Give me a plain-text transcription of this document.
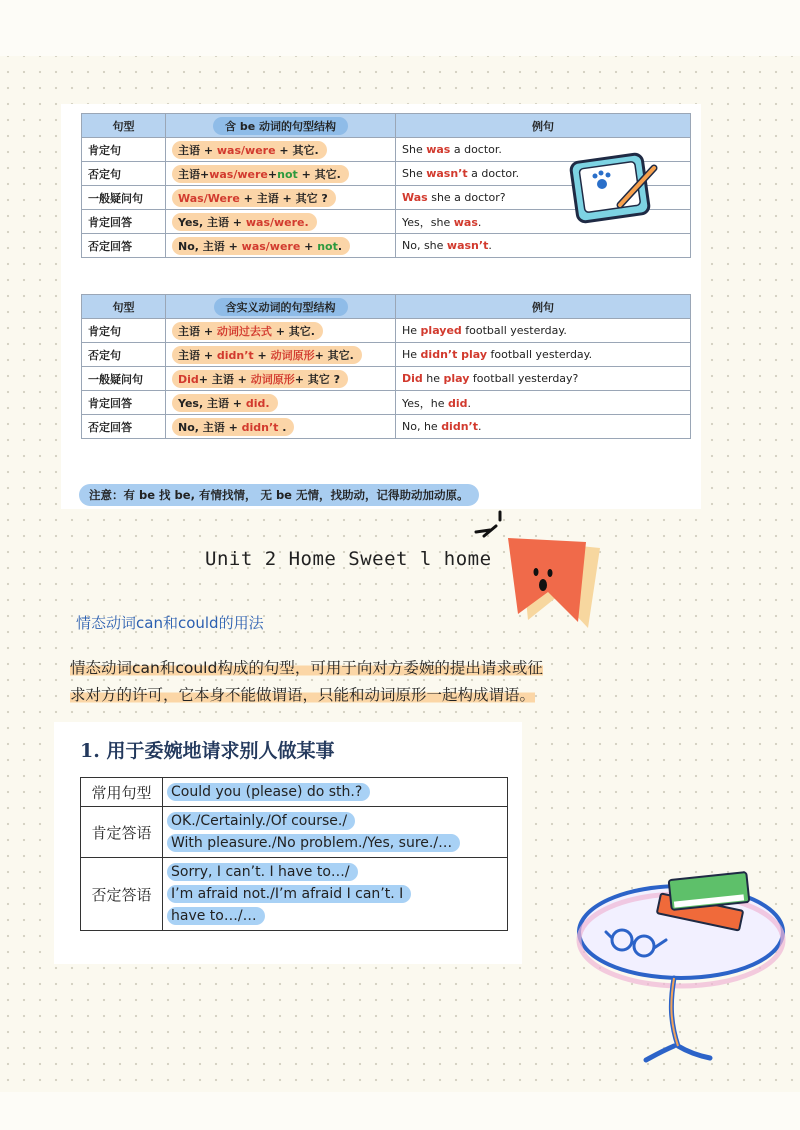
句型	含 be 动词的句型结构	例句
肯定句	主语 + was/were + 其它.	She was a doctor.
否定句	主语+was/were+not + 其它.	She wasn’t a doctor.
一般疑问句	Was/Were + 主语 + 其它 ?	Was she a doctor?
肯定回答	Yes, 主语 + was/were.	Yes，she was.
否定回答	No, 主语 + was/were + not.	No, she wasn’t.
句型	含实义动词的句型结构	例句
肯定句	主语 + 动词过去式 + 其它.	He played football yesterday.
否定句	主语 + didn’t + 动词原形+ 其它.	He didn’t play football yesterday.
一般疑问句	Did+ 主语 + 动词原形+ 其它 ?	Did he play football yesterday?
肯定回答	Yes, 主语 + did.	Yes，he did.
否定回答	No, 主语 + didn’t .	No, he didn’t.
注意：有 be 找 be, 有情找情， 无 be 无情，找助动，记得助动加动原。
Unit 2 Home Sweet l home
情态动词can和could的用法
情态动词can和could构成的句型，可用于向对方委婉的提出请求或征
求对方的许可，它本身不能做谓语，只能和动词原形一起构成谓语。
1. 用于委婉地请求别人做某事
常用句型	Could you (please) do sth.?
肯定答语	OK./Certainly./Of course./
With pleasure./No problem./Yes, sure./…
否定答语	Sorry, I can’t. I have to…/
I’m afraid not./I’m afraid I can’t. I
have to…/…
